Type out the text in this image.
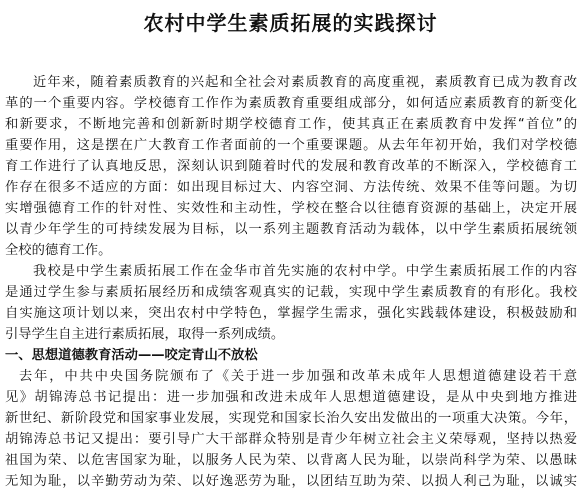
农村中学生素质拓展的实践探讨
近年来，随着素质教育的兴起和全社会对素质教育的高度重视，素质教育已成为教育改
革的一个重要内容。学校德育工作作为素质教育重要组成部分，如何适应素质教育的新变化
和新要求，不断地完善和创新新时期学校德育工作，使其真正在素质教育中发挥“首位”的
重要作用，这是摆在广大教育工作者面前的一个重要课题。从去年年初开始，我们对学校德
育工作进行了认真地反思，深刻认识到随着时代的发展和教育改革的不断深入，学校德育工
作存在很多不适应的方面：如出现目标过大、内容空洞、方法传统、效果不佳等问题。为切
实增强德育工作的针对性、实效性和主动性，学校在整合以往德育资源的基础上，决定开展
以青少年学生的可持续发展为目标，以一系列主题教育活动为载体，以中学生素质拓展统领
全校的德育工作。
我校是中学生素质拓展工作在金华市首先实施的农村中学。中学生素质拓展工作的内容
是通过学生参与素质拓展经历和成绩客观真实的记载，实现中学生素质教育的有形化。我校
自实施这项计划以来，突出农村中学特色，掌握学生需求，强化实践载体建设，积极鼓励和
引导学生自主进行素质拓展，取得一系列成绩。
一、思想道德教育活动——咬定青山不放松
去年，中共中央国务院颁布了《关于进一步加强和改革未成年人思想道德建设若干意
见》胡锦涛总书记提出：进一步加强和改进未成年人思想道德建设，是从中央到地方推进
新世纪、新阶段党和国家事业发展，实现党和国家长治久安出发做出的一项重大决策。今年，
胡锦涛总书记又提出：要引导广大干部群众特别是青少年树立社会主义荣辱观，坚持以热爱
祖国为荣、以危害国家为耻，以服务人民为荣、以背离人民为耻，以崇尚科学为荣、以愚昧
无知为耻，以辛勤劳动为荣、以好逸恶劳为耻，以团结互助为荣、以损人利己为耻，以诚实
